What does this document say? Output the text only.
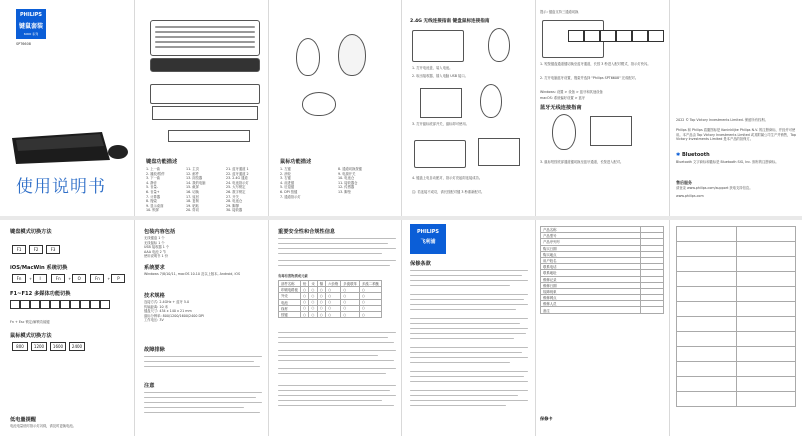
PHILIPS
键鼠套装
6000 系列
SPT6608
使用说明书
键盘功能描述
1. 上一曲
2. 播放/暂停
3. 下一曲
4. 静音
5. 音量-
6. 音量+
7. 计算器
8. 搜索
9. 显示桌面
10. 锁屏
11. 主页
12. 邮件
13. 浏览器
14. 我的电脑
15. 截屏
16. 切换
17. 返回
18. 复制
19. 粘贴
20. 剪切
21. 蓝牙通道 1
22. 蓝牙通道 2
23. 2.4G 通道
24. 电池指示灯
25. 大写锁定
26. 数字锁定
27. 开关
28. 电池仓
29. 脚撑
30. 接收器
鼠标功能描述
1. 左键
2. 滚轮
3. 右键
4. 前进键
5. 后退键
6. DPI 按键
7. 通道指示灯
8. 通道切换按键
9. 电源开关
10. 电池仓
11. 接收器仓
12. 传感器
13. 脚垫
2.4G 无线连接指南 键盘鼠标连接指南
1. 打开电池盖，装入电池。
2. 取出接收器，插入电脑 USB 接口。
3. 打开鼠标底部开关，鼠标即可使用。
4. 键盘上电自动配对，指示灯亮起即连接成功。
注: 若连接不成功，请长按配对键 3 秒重新配对。
提示: 键盘支持三通道切换
1. 短按键盘通道键切换至蓝牙通道，长按 3 秒进入配对模式，指示灯快闪。
2. 打开电脑蓝牙设置，搜索并选择 "Philips SPT6608" 完成配对。
Windows: 设置 > 设备 > 蓝牙和其他设备
macOS: 系统偏好设置 > 蓝牙
蓝牙无线连接指南
3. 鼠标短按底部通道键切换至蓝牙通道，长按进入配对。
2022 © Top Victory Investments Limited. 保留所有权利。
Philips 和 Philips 盾徽图标是 Koninklijke Philips N.V. 的注册商标，并经许可使用。本产品由 Top Victory Investments Limited 或其附属公司生产并销售，Top Victory Investments Limited 是本产品的担保方。
✱ Bluetooth
Bluetooth 文字商标和徽标是 Bluetooth SIG, Inc. 拥有的注册商标。
售后服务
请登录 www.philips.com/support 获取支持信息。
www.philips.com
键盘模式切换方法
F1	F2	F3
iOS/MacWin 系统切换
Fn + I	Fn + O	Fn + P
F1~F12 多媒体功能切换
Fn + Esc 锁定/解锁功能键
鼠标模式切换方法
800	1200 1600 2400
低电量提醒
电池电量低时指示灯闪烁，请及时更换电池。
包装内容包括
无线键盘 1 个
无线鼠标 1 个
USB 接收器 1 个
AAA 电池 2 节
使用说明书 1 份
系统要求
Windows 7/8/10/11, macOS 10.10 及以上版本, Android, iOS
技术规格
连接方式: 2.4GHz + 蓝牙 5.0
传输距离: 10 米
键盘尺寸: 434 x 140 x 21 mm
鼠标分辨率: 800/1200/1600/2400 DPI
工作电压: 3V
故障排除
注意
重要安全性和合规性信息
有毒有害物质或元素
部件名称	铅	汞	镉	六价铬	多溴联苯	多溴二苯醚
印刷电路板	○	○	○	○	○	○
外壳	○	○	○	○	○	○
电池	○	○	○	○	○	○
线材	○	○	○	○	○	○
按键	○	○	○	○	○	○
PHILIPS
飞利浦
保修条款
产品名称	
产品型号	
产品序列号	
购买日期	
购买地点	
用户姓名	
联系电话	
联系地址	
维修记录	
维修日期	
故障现象	
维修网点	
维修人员	
备注	
保修卡
